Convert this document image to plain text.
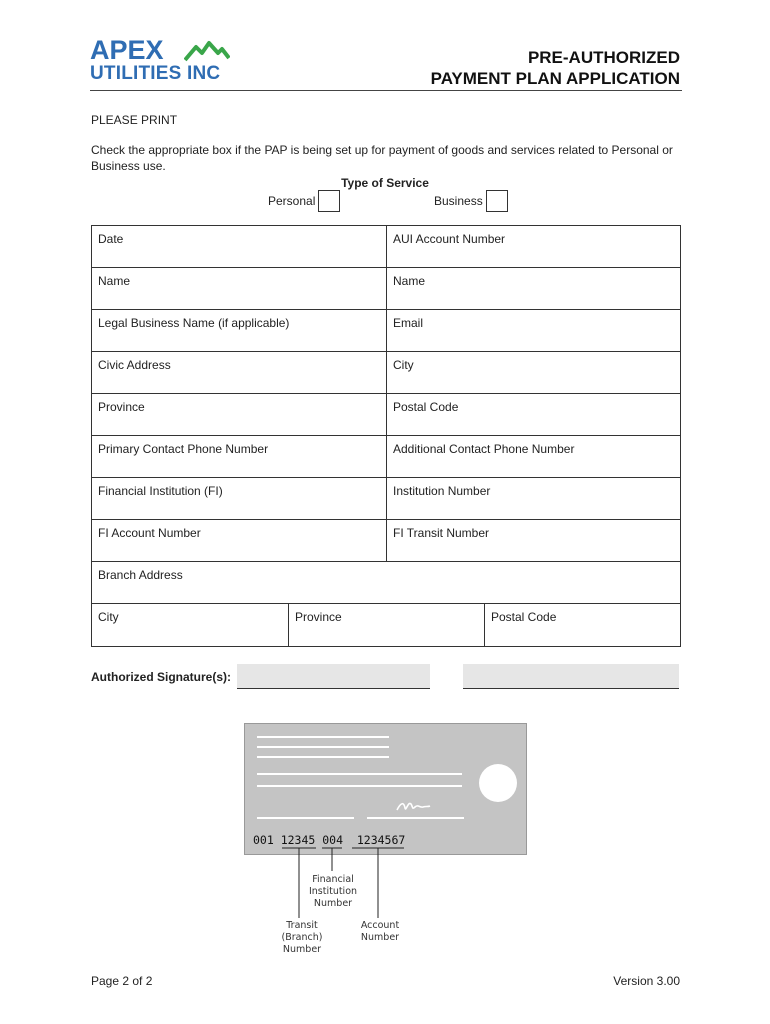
APEX
UTILITIES INC
PRE-AUTHORIZED
PAYMENT PLAN APPLICATION
PLEASE PRINT
Check the appropriate box if the PAP is being set up for payment of goods and services related to Personal or Business use.
Type of Service
Personal	Business
Date	AUI Account Number
Name	Name
Legal Business Name (if applicable)	Email
Civic Address	City
Province	Postal Code
Primary Contact Phone Number	Additional Contact Phone Number
Financial Institution (FI)	Institution Number
FI Account Number	FI Transit Number
Branch Address
City	Province	Postal Code
Authorized Signature(s):
001 12345 004  1234567
Financial Institution Number
Transit (Branch) Number
Account Number
Page 2 of 2	Version 3.00
